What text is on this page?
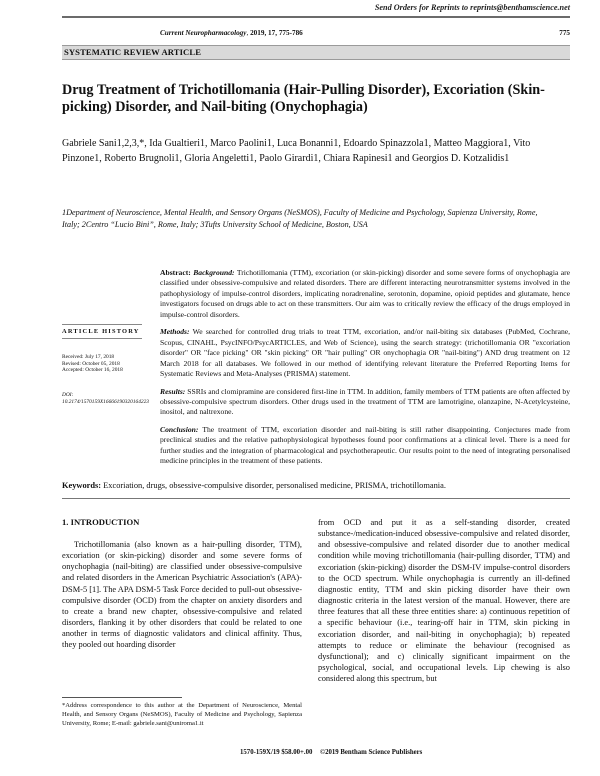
Send Orders for Reprints to reprints@benthamscience.net
Current Neuropharmacology, 2019, 17, 775-786	775
SYSTEMATIC REVIEW ARTICLE
Drug Treatment of Trichotillomania (Hair-Pulling Disorder), Excoriation (Skin-picking) Disorder, and Nail-biting (Onychophagia)
Gabriele Sani1,2,3,*, Ida Gualtieri1, Marco Paolini1, Luca Bonanni1, Edoardo Spinazzola1, Matteo Maggiora1, Vito Pinzone1, Roberto Brugnoli1, Gloria Angeletti1, Paolo Girardi1, Chiara Rapinesi1 and Georgios D. Kotzalidis1
1Department of Neuroscience, Mental Health, and Sensory Organs (NeSMOS), Faculty of Medicine and Psychology, Sapienza University, Rome, Italy; 2Centro “Lucio Bini”, Rome, Italy; 3Tufts University School of Medicine, Boston, USA
ARTICLE HISTORY
Received: July 17, 2018
Revised: October 05, 2018
Accepted: October 16, 2018
DOI:
10.2174/1570159X16666190320164223

Abstract: Background: Trichotillomania (TTM), excoriation (or skin-picking) disorder and some severe forms of onychophagia are classified under obsessive-compulsive and related disorders. There are different interacting neurotransmitter systems involved in the pathophysiology of impulse-control disorders, implicating noradrenaline, serotonin, dopamine, opioid peptides and glutamate, hence investigators focused on drugs able to act on these transmitters. Our aim was to critically review the efficacy of the drugs employed in impulse-control disorders.

Methods: We searched for controlled drug trials to treat TTM, excoriation, and/or nail-biting six databases (PubMed, Cochrane, Scopus, CINAHL, PsycINFO/PsycARTICLES, and Web of Science), using the search strategy: (trichotillomania OR "excoriation disorder" OR "face picking" OR "skin picking" OR "hair pulling" OR onychophagia OR "nail-biting") AND drug treatment on 12 March 2018 for all databases. We followed in our method of identifying relevant literature the Preferred Reporting Items for Systematic Reviews and Meta-Analyses (PRISMA) statement.

Results: SSRIs and clomipramine are considered first-line in TTM. In addition, family members of TTM patients are often affected by obsessive-compulsive spectrum disorders. Other drugs used in the treatment of TTM are lamotrigine, olanzapine, N-Acetylcysteine, inositol, and naltrexone.

Conclusion: The treatment of TTM, excoriation disorder and nail-biting is still rather disappointing. Conjectures made from preclinical studies and the relative pathophysiological hypotheses found poor confirmations at a clinical level. There is a need for further studies and the integration of pharmacological and psychotherapeutic. Our results point to the need of integrating personalised medicine principles in the treatment of these patients.

Keywords: Excoriation, drugs, obsessive-compulsive disorder, personalised medicine, PRISMA, trichotillomania.
1. INTRODUCTION

Trichotillomania (also known as a hair-pulling disorder, TTM), excoriation (or skin-picking) disorder and some severe forms of onychophagia (nail-biting) are classified under obsessive-compulsive and related disorders in the American Psychiatric Association's (APA)-DSM-5 [1]. The APA DSM-5 Task Force decided to pull-out obsessive-compulsive disorder (OCD) from the chapter on anxiety disorders and to create a brand new chapter, obsessive-compulsive and related disorders, flanking it by other disorders that could be related to one another in terms of diagnostic validators and clinical affinity. Thus, they pooled out hoarding disorder

from OCD and put it as a self-standing disorder, created substance-/medication-induced obsessive-compulsive and related disorder, and obsessive-compulsive and related disorder due to another medical condition while moving trichotillomania (hair-pulling disorder, TTM) and excoriation (skin-picking) disorder the DSM-IV impulse-control disorders to the OCD spectrum. While onychophagia is currently an ill-defined diagnostic entity, TTM and skin picking disorder have their own diagnostic criteria in the latest version of the manual. However, there are three features that all these three entities share: a) continuous repetition of a specific behaviour (i.e., tearing-off hair in TTM, skin picking in excoriation disorder, and nail-biting in onychophagia); b) repeated attempts to reduce or eliminate the behaviour (recognised as dysfunctional); and c) clinically significant impairment on the psychological, social, and occupational levels. Lip chewing is also considered along this spectrum, but

*Address correspondence to this author at the Department of Neuroscience, Mental Health, and Sensory Organs (NeSMOS), Faculty of Medicine and Psychology, Sapienza University, Rome; E-mail: gabriele.sani@uniroma1.it
1570-159X/19 $58.00+.00 ©2019 Bentham Science Publishers
